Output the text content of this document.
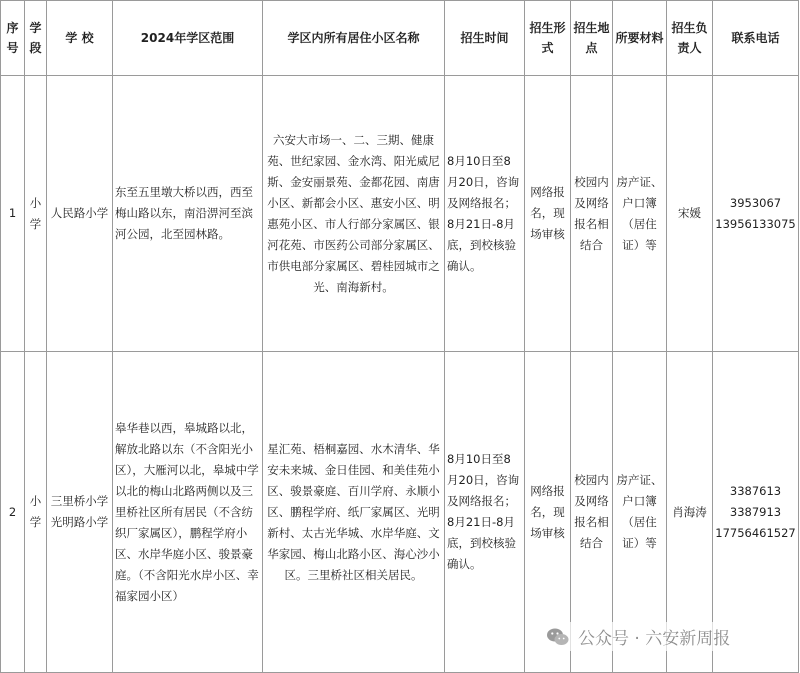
序号	学段	学 校	2024年学区范围	学区内所有居住小区名称	招生时间	招生形式	招生地点	所要材料	招生负责人	联系电话
1	小学	人民路小学	东至五里墩大桥以西，西至梅山路以东，南沿淠河至滨河公园，北至园林路。	六安大市场一、二、三期、健康苑、世纪家园、金水湾、阳光威尼斯、金安丽景苑、金都花园、南唐小区、新都会小区、惠安小区、明惠苑小区、市人行部分家属区、银河花苑、市医药公司部分家属区、市供电部分家属区、碧桂园城市之光、南海新村。	8月10日至8月20日，咨询及网络报名；8月21日-8月底，到校核验确认。	网络报名，现场审核	校园内及网络报名相结合	房产证、户口簿（居住证）等	宋媛	3953067
13956133075

2	小学	三里桥小学光明路小学	皋华巷以西，皋城路以北，解放北路以东（不含阳光小区），大雁河以北，皋城中学以北的梅山北路两侧以及三里桥社区所有居民（不含纺织厂家属区），鹏程学府小区、水岸华庭小区、骏景豪庭。（不含阳光水岸小区、幸福家园小区）	星汇苑、梧桐嘉园、水木清华、华安未来城、金日佳园、和美佳苑小区、骏景豪庭、百川学府、永顺小区、鹏程学府、纸厂家属区、光明新村、太古光华城、水岸华庭、文华家园、梅山北路小区、海心沙小区。三里桥社区相关居民。	8月10日至8月20日，咨询及网络报名；8月21日-8月底，到校核验确认。	网络报名，现场审核	校园内及网络报名相结合	房产证、户口簿（居住证）等	肖海涛	3387613
3387913
17756461527
公众号 · 六安新周报
